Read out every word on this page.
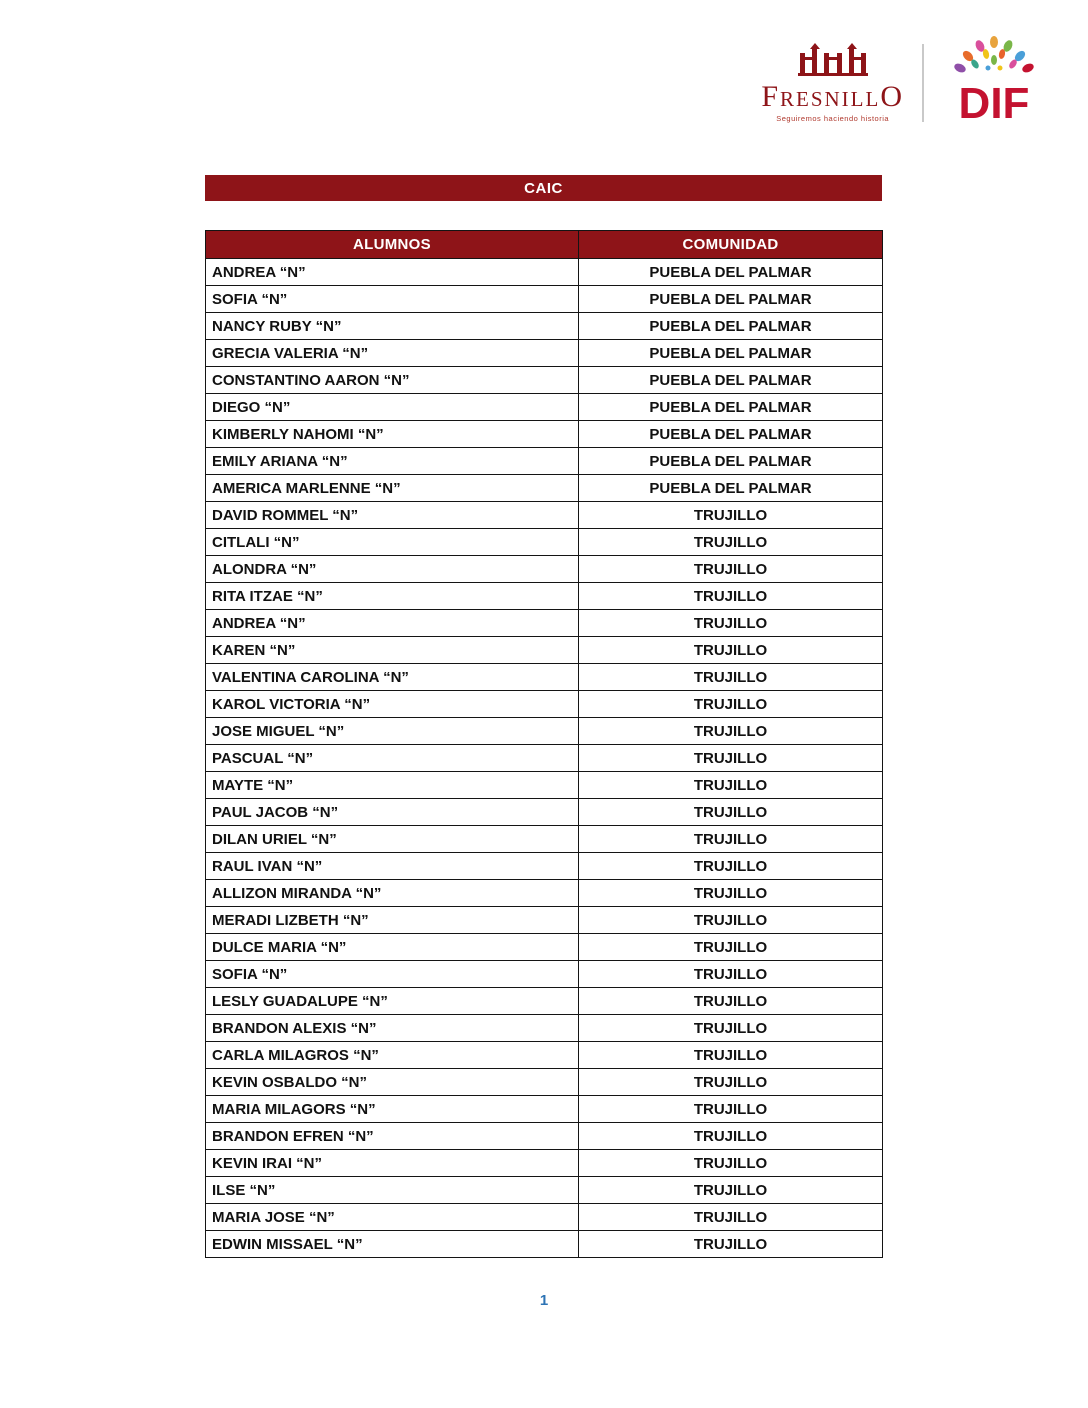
FresnillO
Seguiremos haciendo historia DIF
CAIC
ALUMNOS	COMUNIDAD
ANDREA “N”	PUEBLA DEL PALMAR
SOFIA “N”	PUEBLA DEL PALMAR
NANCY RUBY “N”	PUEBLA DEL PALMAR
GRECIA VALERIA “N”	PUEBLA DEL PALMAR
CONSTANTINO AARON “N”	PUEBLA DEL PALMAR
DIEGO “N”	PUEBLA DEL PALMAR
KIMBERLY NAHOMI “N”	PUEBLA DEL PALMAR
EMILY ARIANA “N”	PUEBLA DEL PALMAR
AMERICA MARLENNE “N”	PUEBLA DEL PALMAR
DAVID ROMMEL “N”	TRUJILLO
CITLALI “N”	TRUJILLO
ALONDRA “N”	TRUJILLO
RITA ITZAE “N”	TRUJILLO
ANDREA “N”	TRUJILLO
KAREN “N”	TRUJILLO
VALENTINA CAROLINA “N”	TRUJILLO
KAROL VICTORIA “N”	TRUJILLO
JOSE MIGUEL “N”	TRUJILLO
PASCUAL “N”	TRUJILLO
MAYTE “N”	TRUJILLO
PAUL JACOB “N”	TRUJILLO
DILAN URIEL “N”	TRUJILLO
RAUL IVAN “N”	TRUJILLO
ALLIZON MIRANDA “N”	TRUJILLO
MERADI LIZBETH “N”	TRUJILLO
DULCE MARIA “N”	TRUJILLO
SOFIA “N”	TRUJILLO
LESLY GUADALUPE “N”	TRUJILLO
BRANDON ALEXIS “N”	TRUJILLO
CARLA MILAGROS “N”	TRUJILLO
KEVIN OSBALDO “N”	TRUJILLO
MARIA MILAGORS “N”	TRUJILLO
BRANDON EFREN “N”	TRUJILLO
KEVIN IRAI “N”	TRUJILLO
ILSE “N”	TRUJILLO
MARIA JOSE “N”	TRUJILLO
EDWIN MISSAEL “N”	TRUJILLO
1
